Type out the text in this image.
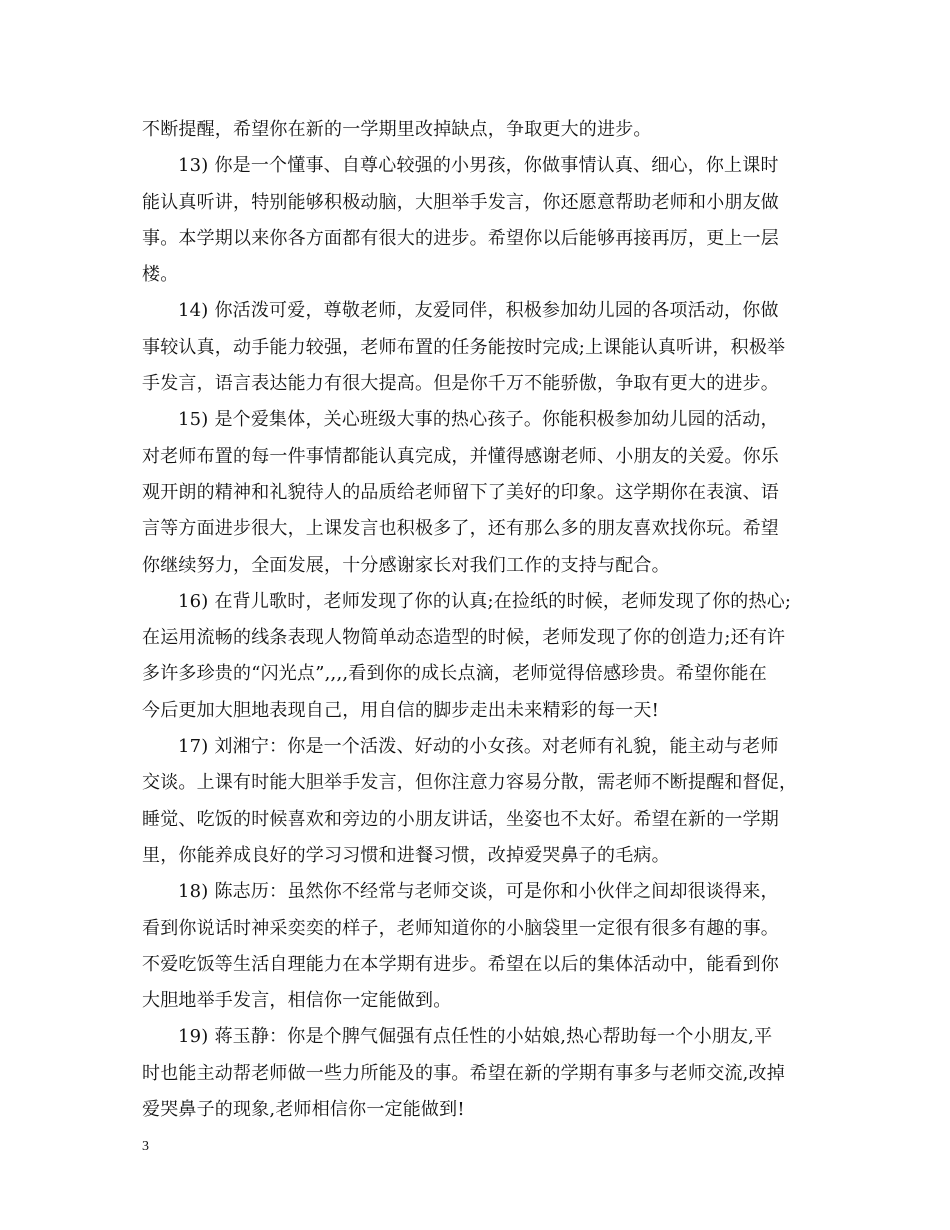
不断提醒，希望你在新的一学期里改掉缺点，争取更大的进步。
13) 你是一个懂事、自尊心较强的小男孩，你做事情认真、细心，你上课时
能认真听讲，特别能够积极动脑，大胆举手发言，你还愿意帮助老师和小朋友做
事。本学期以来你各方面都有很大的进步。希望你以后能够再接再厉，更上一层
楼。
14) 你活泼可爱，尊敬老师，友爱同伴，积极参加幼儿园的各项活动，你做
事较认真，动手能力较强，老师布置的任务能按时完成;上课能认真听讲，积极举
手发言，语言表达能力有很大提高。但是你千万不能骄傲，争取有更大的进步。
15) 是个爱集体，关心班级大事的热心孩子。你能积极参加幼儿园的活动，
对老师布置的每一件事情都能认真完成，并懂得感谢老师、小朋友的关爱。你乐
观开朗的精神和礼貌待人的品质给老师留下了美好的印象。这学期你在表演、语
言等方面进步很大，上课发言也积极多了，还有那么多的朋友喜欢找你玩。希望
你继续努力，全面发展，十分感谢家长对我们工作的支持与配合。
16) 在背儿歌时，老师发现了你的认真;在捡纸的时候，老师发现了你的热心;
在运用流畅的线条表现人物简单动态造型的时候，老师发现了你的创造力;还有许
多许多珍贵的“闪光点”,,,,看到你的成长点滴，老师觉得倍感珍贵。希望你能在
今后更加大胆地表现自己，用自信的脚步走出未来精彩的每一天!
17) 刘湘宁：你是一个活泼、好动的小女孩。对老师有礼貌，能主动与老师
交谈。上课有时能大胆举手发言，但你注意力容易分散，需老师不断提醒和督促，
睡觉、吃饭的时候喜欢和旁边的小朋友讲话，坐姿也不太好。希望在新的一学期
里，你能养成良好的学习习惯和进餐习惯，改掉爱哭鼻子的毛病。
18) 陈志历：虽然你不经常与老师交谈，可是你和小伙伴之间却很谈得来，
看到你说话时神采奕奕的样子，老师知道你的小脑袋里一定很有很多有趣的事。
不爱吃饭等生活自理能力在本学期有进步。希望在以后的集体活动中，能看到你
大胆地举手发言，相信你一定能做到。
19) 蒋玉静：你是个脾气倔强有点任性的小姑娘,热心帮助每一个小朋友,平
时也能主动帮老师做一些力所能及的事。希望在新的学期有事多与老师交流,改掉
爱哭鼻子的现象,老师相信你一定能做到!
3
